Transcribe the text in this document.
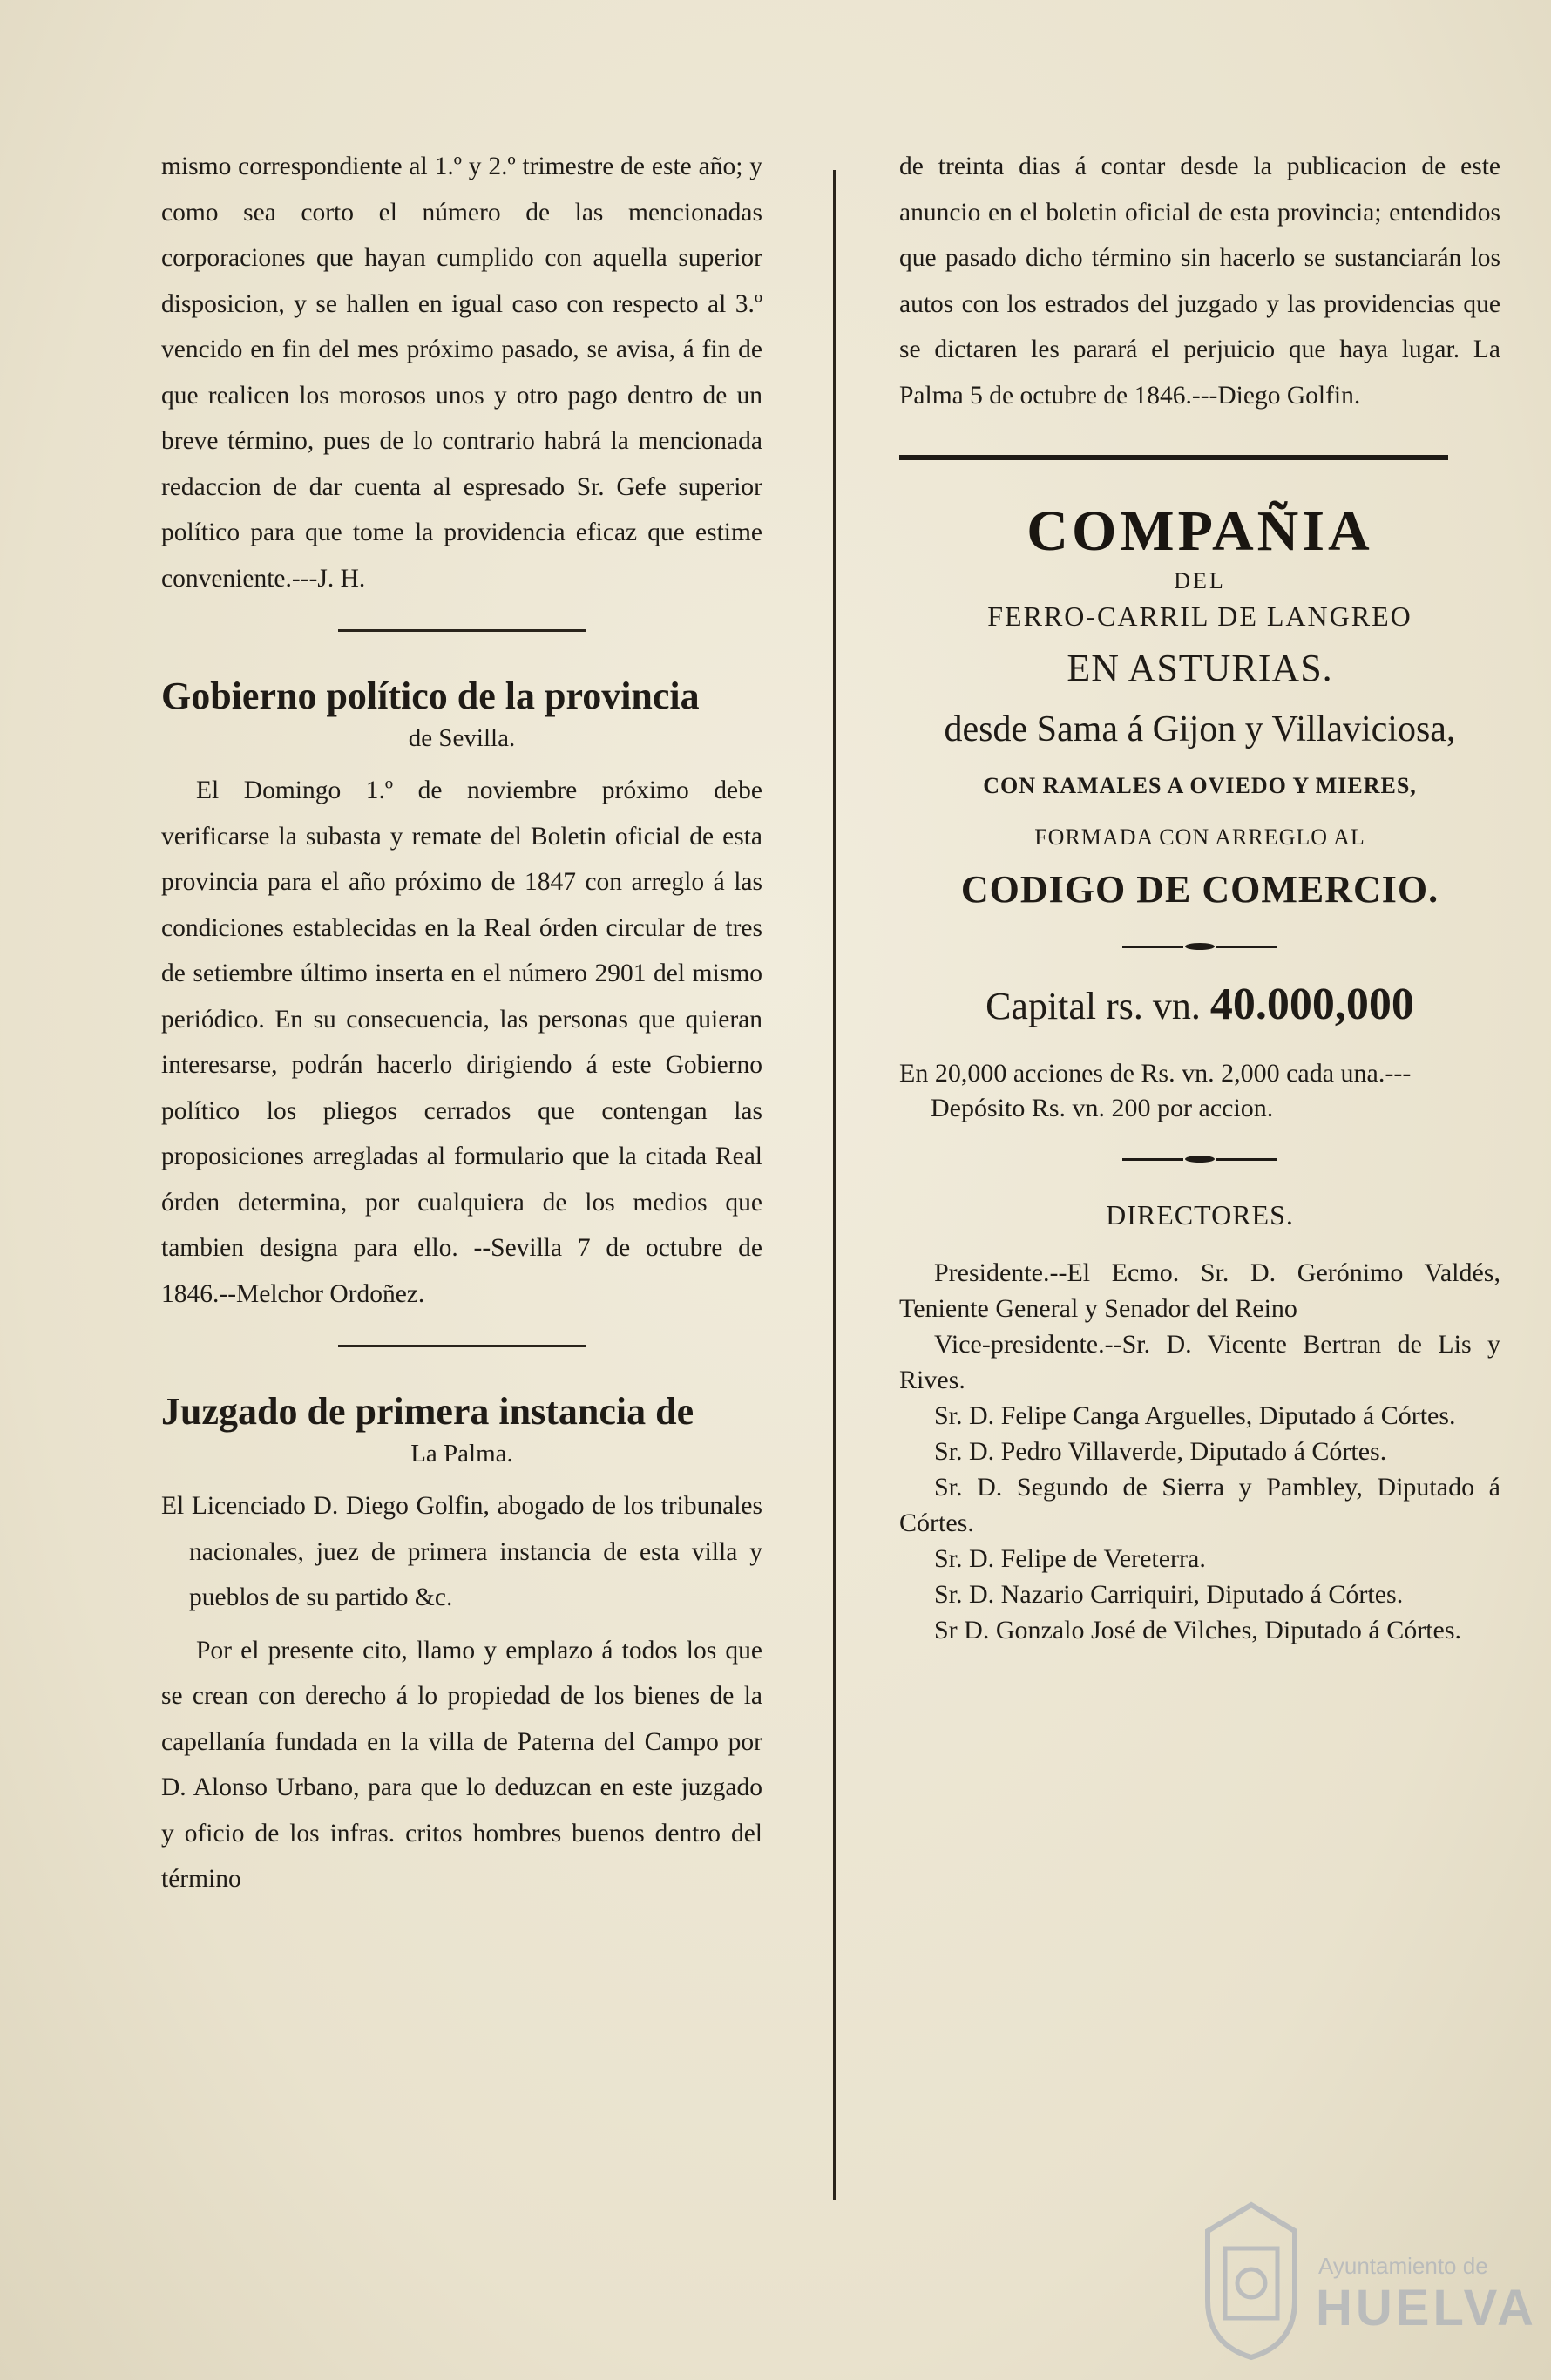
mismo correspondiente al 1.º y 2.º trimestre de este año; y como sea corto el número de las mencionadas corporaciones que hayan cumplido con aquella superior disposicion, y se hallen en igual caso con respecto al 3.º vencido en fin del mes próximo pasado, se avisa, á fin de que realicen los morosos unos y otro pago dentro de un breve término, pues de lo contrario habrá la mencionada redaccion de dar cuenta al espresado Sr. Gefe superior político para que tome la providencia eficaz que estime conveniente.---J. H.

Gobierno político de la provincia
de Sevilla.

El Domingo 1.º de noviembre próximo debe verificarse la subasta y remate del Boletin oficial de esta provincia para el año próximo de 1847 con arreglo á las condiciones establecidas en la Real órden circular de tres de setiembre último inserta en el número 2901 del mismo periódico. En su consecuencia, las personas que quieran interesarse, podrán hacerlo dirigiendo á este Gobierno político los pliegos cerrados que contengan las proposiciones arregladas al formulario que la citada Real órden determina, por cualquiera de los medios que tambien designa para ello. --Sevilla 7 de octubre de 1846.--Melchor Ordoñez.

Juzgado de primera instancia de
La Palma.

El Licenciado D. Diego Golfin, abogado de los tribunales nacionales, juez de primera instancia de esta villa y pueblos de su partido &c.

Por el presente cito, llamo y emplazo á todos los que se crean con derecho á lo propiedad de los bienes de la capellanía fundada en la villa de Paterna del Campo por D. Alonso Urbano, para que lo deduzcan en este juzgado y oficio de los infras. critos hombres buenos dentro del término

de treinta dias á contar desde la publicacion de este anuncio en el boletin oficial de esta provincia; entendidos que pasado dicho término sin hacerlo se sustanciarán los autos con los estrados del juzgado y las providencias que se dictaren les parará el perjuicio que haya lugar. La Palma 5 de octubre de 1846.---Diego Golfin.

COMPAÑIA
DEL
FERRO-CARRIL DE LANGREO
EN ASTURIAS.
desde Sama á Gijon y Villaviciosa,
CON RAMALES A OVIEDO Y MIERES,
FORMADA CON ARREGLO AL
CODIGO DE COMERCIO.
Capital rs. vn. 40.000,000

En 20,000 acciones de Rs. vn. 2,000 cada una.---Depósito Rs. vn. 200 por accion.

DIRECTORES.

Presidente.--El Ecmo. Sr. D. Gerónimo Valdés, Teniente General y Senador del Reino

Vice-presidente.--Sr. D. Vicente Bertran de Lis y Rives.

Sr. D. Felipe Canga Arguelles, Diputado á Córtes.

Sr. D. Pedro Villaverde, Diputado á Córtes.

Sr. D. Segundo de Sierra y Pambley, Diputado á Córtes.

Sr. D. Felipe de Vereterra.

Sr. D. Nazario Carriquiri, Diputado á Córtes.

Sr D. Gonzalo José de Vilches, Diputado á Córtes.

Ayuntamiento de
HUELVA
